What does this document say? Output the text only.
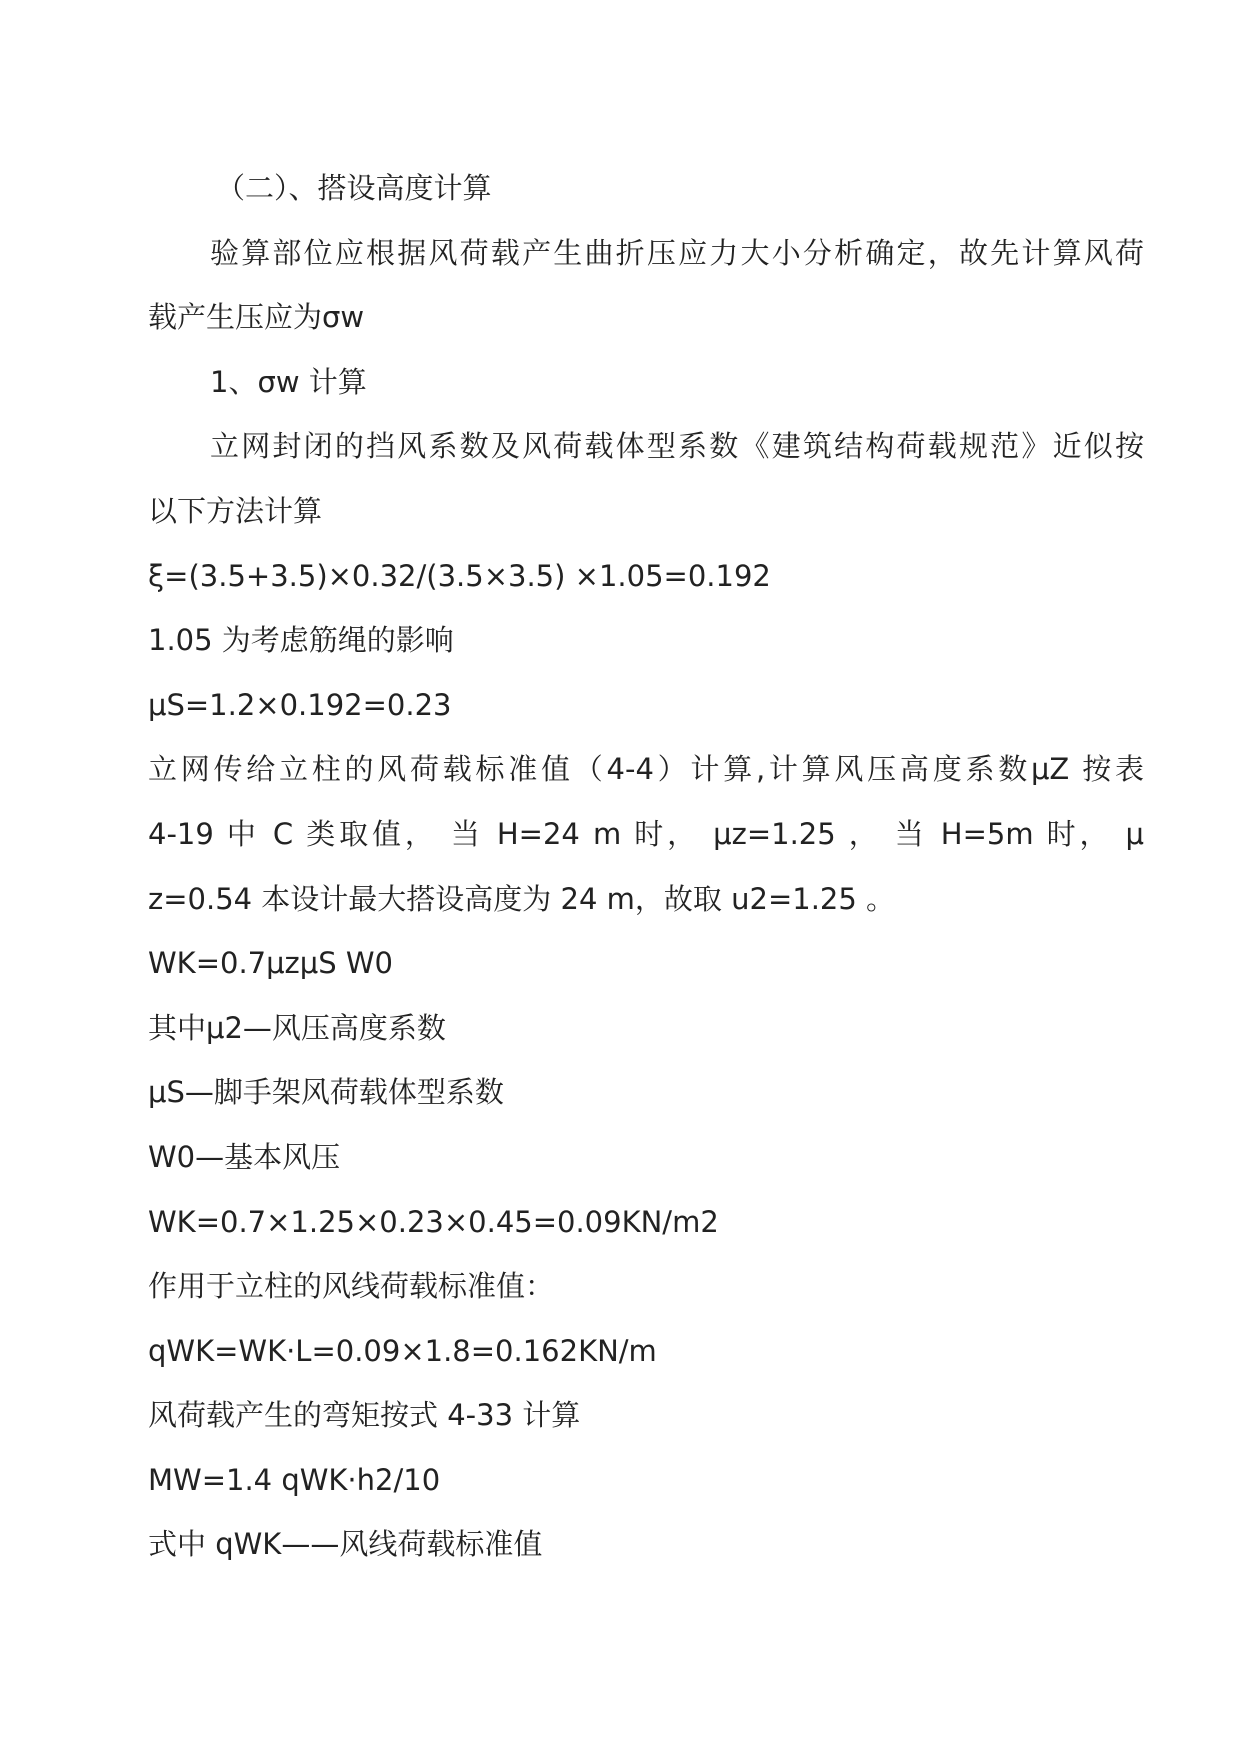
（二）、搭设高度计算
验算部位应根据风荷载产生曲折压应力大小分析确定，故先计算风荷
载产生压应为σw
1、σw 计算
立网封闭的挡风系数及风荷载体型系数《建筑结构荷载规范》近似按
以下方法计算
ξ=(3.5+3.5)×0.32/(3.5×3.5) ×1.05=0.192
1.05 为考虑筋绳的影响
μS=1.2×0.192=0.23
立网传给立柱的风荷载标准值（4-4）计算,计算风压高度系数μZ 按表
4-19 中 C 类取值， 当 H=24 m 时， μz=1.25 ， 当 H=5m 时， μ
z=0.54 本设计最大搭设高度为 24 m，故取 u2=1.25 。
WK=0.7μzμS W0
其中μ2—风压高度系数
μS—脚手架风荷载体型系数
W0—基本风压
WK=0.7×1.25×0.23×0.45=0.09KN/m2
作用于立柱的风线荷载标准值：
qWK=WK·L=0.09×1.8=0.162KN/m
风荷载产生的弯矩按式 4-33 计算
MW=1.4 qWK·h2/10
式中 qWK——风线荷载标准值
